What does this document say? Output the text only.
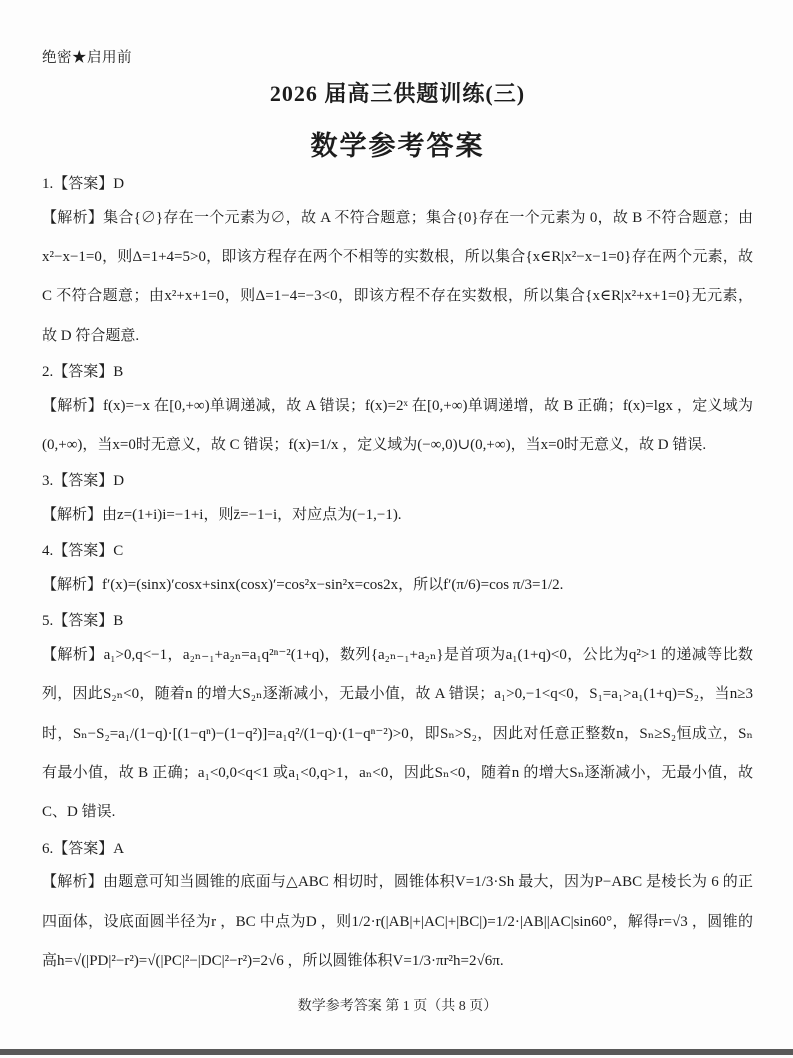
绝密★启用前
2026 届高三供题训练(三)
数学参考答案
1.【答案】D

【解析】集合{∅}存在一个元素为∅，故 A 不符合题意；集合{0}存在一个元素为 0，故 B 不符合题意；由x²−x−1=0，则Δ=1+4=5>0，即该方程存在两个不相等的实数根，所以集合{x∈R|x²−x−1=0}存在两个元素，故 C 不符合题意；由x²+x+1=0，则Δ=1−4=−3<0，即该方程不存在实数根，所以集合{x∈R|x²+x+1=0}无元素，故 D 符合题意.

2.【答案】B

【解析】f(x)=−x 在[0,+∞)单调递减，故 A 错误；f(x)=2ˣ 在[0,+∞)单调递增，故 B 正确；f(x)=lgx ，定义域为(0,+∞)，当x=0时无意义，故 C 错误；f(x)=1/x ，定义域为(−∞,0)∪(0,+∞)，当x=0时无意义，故 D 错误.

3.【答案】D

【解析】由z=(1+i)i=−1+i，则z̄=−1−i，对应点为(−1,−1).

4.【答案】C

【解析】f′(x)=(sinx)′cosx+sinx(cosx)′=cos²x−sin²x=cos2x，所以f′(π/6)=cos π/3=1/2.

5.【答案】B

【解析】a₁>0,q<−1，a₂ₙ₋₁+a₂ₙ=a₁q²ⁿ⁻²(1+q)，数列{a₂ₙ₋₁+a₂ₙ}是首项为a₁(1+q)<0，公比为q²>1 的递减等比数列，因此S₂ₙ<0，随着n 的增大S₂ₙ逐渐减小，无最小值，故 A 错误；a₁>0,−1<q<0，S₁=a₁>a₁(1+q)=S₂，当n≥3时，Sₙ−S₂=a₁/(1−q)·[(1−qⁿ)−(1−q²)]=a₁q²/(1−q)·(1−qⁿ⁻²)>0，即Sₙ>S₂，因此对任意正整数n，Sₙ≥S₂恒成立，Sₙ有最小值，故 B 正确；a₁<0,0<q<1 或a₁<0,q>1，aₙ<0，因此Sₙ<0，随着n 的增大Sₙ逐渐减小，无最小值，故 C、D 错误.

6.【答案】A

【解析】由题意可知当圆锥的底面与△ABC 相切时，圆锥体积V=1/3·Sh 最大，因为P−ABC 是棱长为 6 的正四面体，设底面圆半径为r ，BC 中点为D ，则1/2·r(|AB|+|AC|+|BC|)=1/2·|AB||AC|sin60°，解得r=√3 ，圆锥的高h=√(|PD|²−r²)=√(|PC|²−|DC|²−r²)=2√6 ，所以圆锥体积V=1/3·πr²h=2√6π.

数学参考答案 第 1 页（共 8 页）
